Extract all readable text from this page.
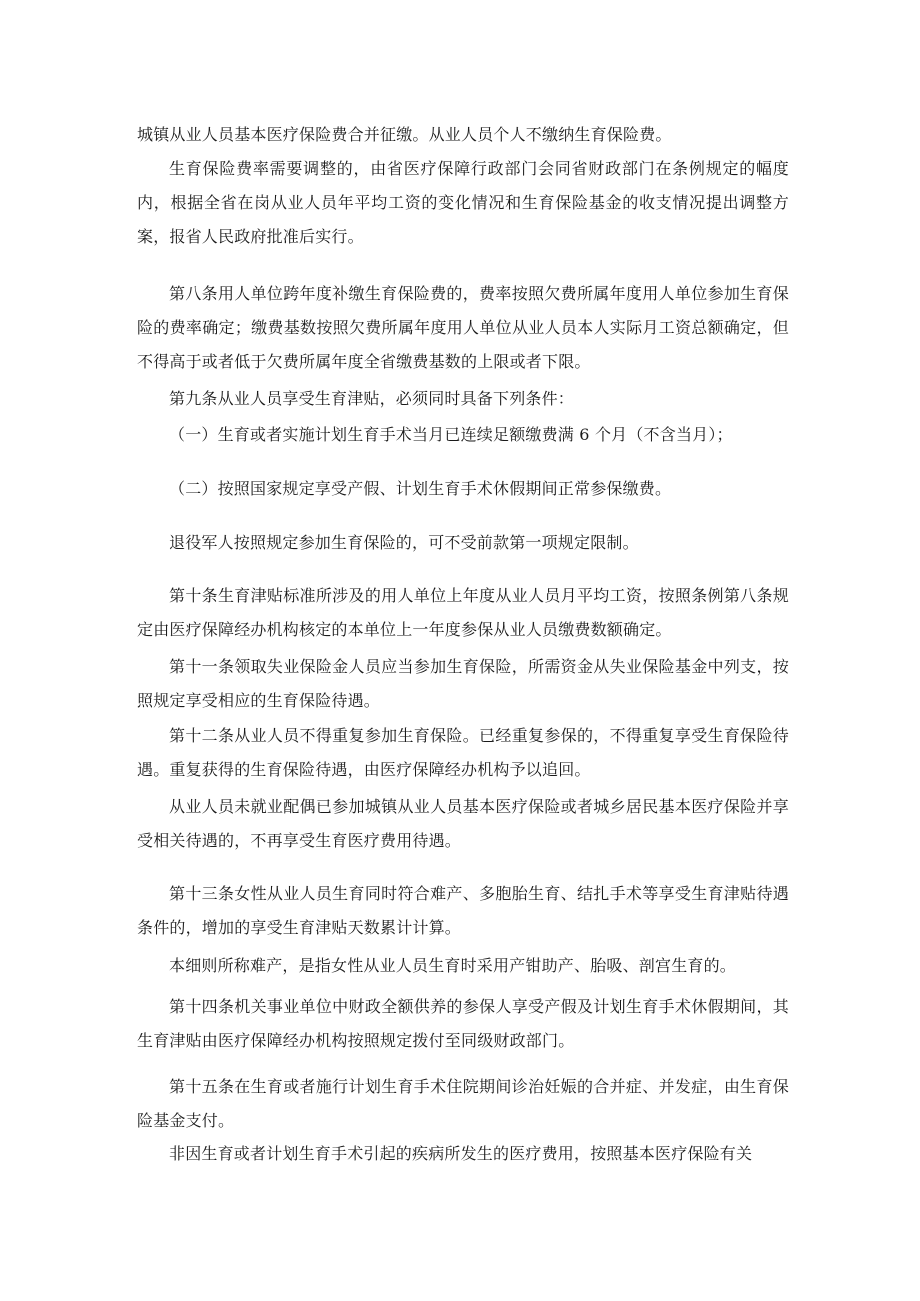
城镇从业人员基本医疗保险费合并征缴。从业人员个人不缴纳生育保险费。

生育保险费率需要调整的，由省医疗保障行政部门会同省财政部门在条例规定的幅度内，根据全省在岗从业人员年平均工资的变化情况和生育保险基金的收支情况提出调整方案，报省人民政府批准后实行。

第八条用人单位跨年度补缴生育保险费的，费率按照欠费所属年度用人单位参加生育保险的费率确定；缴费基数按照欠费所属年度用人单位从业人员本人实际月工资总额确定，但不得高于或者低于欠费所属年度全省缴费基数的上限或者下限。

第九条从业人员享受生育津贴，必须同时具备下列条件：

（一）生育或者实施计划生育手术当月已连续足额缴费满 6 个月（不含当月）；

（二）按照国家规定享受产假、计划生育手术休假期间正常参保缴费。

退役军人按照规定参加生育保险的，可不受前款第一项规定限制。

第十条生育津贴标准所涉及的用人单位上年度从业人员月平均工资，按照条例第八条规定由医疗保障经办机构核定的本单位上一年度参保从业人员缴费数额确定。

第十一条领取失业保险金人员应当参加生育保险，所需资金从失业保险基金中列支，按照规定享受相应的生育保险待遇。

第十二条从业人员不得重复参加生育保险。已经重复参保的，不得重复享受生育保险待遇。重复获得的生育保险待遇，由医疗保障经办机构予以追回。

从业人员未就业配偶已参加城镇从业人员基本医疗保险或者城乡居民基本医疗保险并享受相关待遇的，不再享受生育医疗费用待遇。

第十三条女性从业人员生育同时符合难产、多胞胎生育、结扎手术等享受生育津贴待遇条件的，增加的享受生育津贴天数累计计算。

本细则所称难产，是指女性从业人员生育时采用产钳助产、胎吸、剖宫生育的。

第十四条机关事业单位中财政全额供养的参保人享受产假及计划生育手术休假期间，其生育津贴由医疗保障经办机构按照规定拨付至同级财政部门。

第十五条在生育或者施行计划生育手术住院期间诊治妊娠的合并症、并发症，由生育保险基金支付。

非因生育或者计划生育手术引起的疾病所发生的医疗费用，按照基本医疗保险有关
